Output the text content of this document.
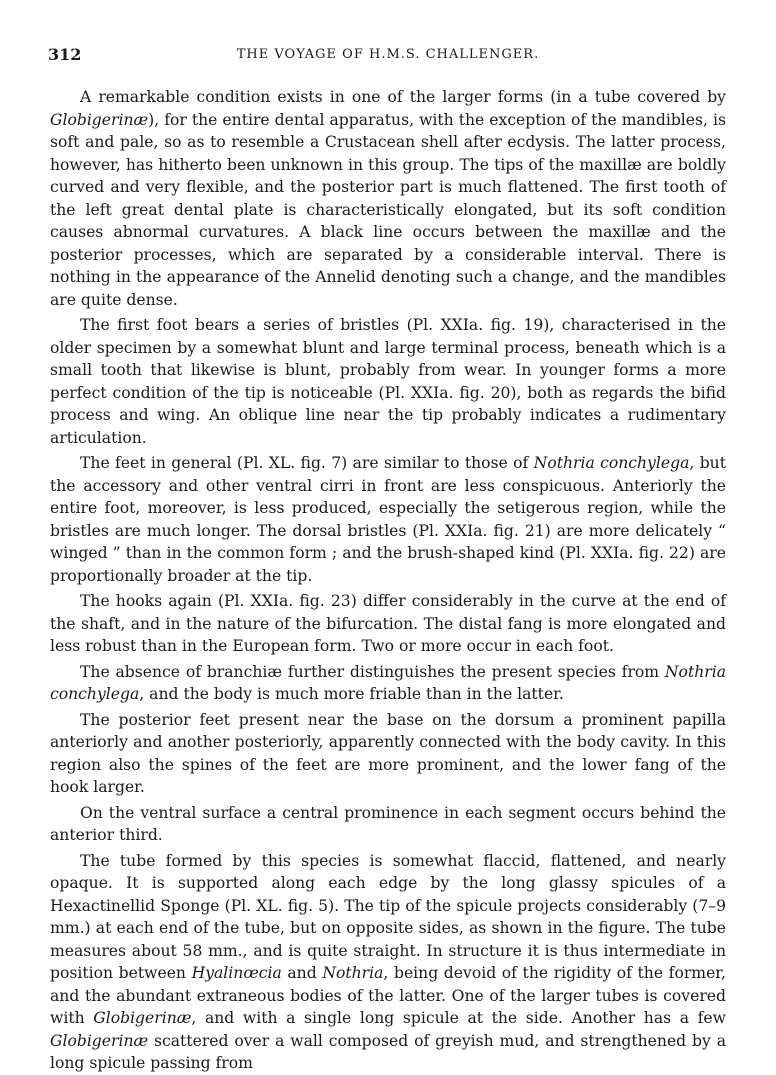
312	THE VOYAGE OF H.M.S. CHALLENGER.

A remarkable condition exists in one of the larger forms (in a tube covered by Globigerinæ), for the entire dental apparatus, with the exception of the mandibles, is soft and pale, so as to resemble a Crustacean shell after ecdysis. The latter process, however, has hitherto been unknown in this group. The tips of the maxillæ are boldly curved and very flexible, and the posterior part is much flattened. The first tooth of the left great dental plate is characteristically elongated, but its soft condition causes abnormal curvatures. A black line occurs between the maxillæ and the posterior processes, which are separated by a considerable interval. There is nothing in the appearance of the Annelid denoting such a change, and the mandibles are quite dense.

The first foot bears a series of bristles (Pl. XXIa. fig. 19), characterised in the older specimen by a somewhat blunt and large terminal process, beneath which is a small tooth that likewise is blunt, probably from wear. In younger forms a more perfect condition of the tip is noticeable (Pl. XXIa. fig. 20), both as regards the bifid process and wing. An oblique line near the tip probably indicates a rudimentary articulation.

The feet in general (Pl. XL. fig. 7) are similar to those of Nothria conchylega, but the accessory and other ventral cirri in front are less conspicuous. Anteriorly the entire foot, moreover, is less produced, especially the setigerous region, while the bristles are much longer. The dorsal bristles (Pl. XXIa. fig. 21) are more delicately “ winged ” than in the common form ; and the brush-shaped kind (Pl. XXIa. fig. 22) are proportionally broader at the tip.

The hooks again (Pl. XXIa. fig. 23) differ considerably in the curve at the end of the shaft, and in the nature of the bifurcation. The distal fang is more elongated and less robust than in the European form. Two or more occur in each foot.

The absence of branchiæ further distinguishes the present species from Nothria conchylega, and the body is much more friable than in the latter.

The posterior feet present near the base on the dorsum a prominent papilla anteriorly and another posteriorly, apparently connected with the body cavity. In this region also the spines of the feet are more prominent, and the lower fang of the hook larger.

On the ventral surface a central prominence in each segment occurs behind the anterior third.

The tube formed by this species is somewhat flaccid, flattened, and nearly opaque. It is supported along each edge by the long glassy spicules of a Hexactinellid Sponge (Pl. XL. fig. 5). The tip of the spicule projects considerably (7–9 mm.) at each end of the tube, but on opposite sides, as shown in the figure. The tube measures about 58 mm., and is quite straight. In structure it is thus intermediate in position between Hyalinœcia and Nothria, being devoid of the rigidity of the former, and the abundant extraneous bodies of the latter. One of the larger tubes is covered with Globigerinæ, and with a single long spicule at the side. Another has a few Globigerinæ scattered over a wall composed of greyish mud, and strengthened by a long spicule passing from
